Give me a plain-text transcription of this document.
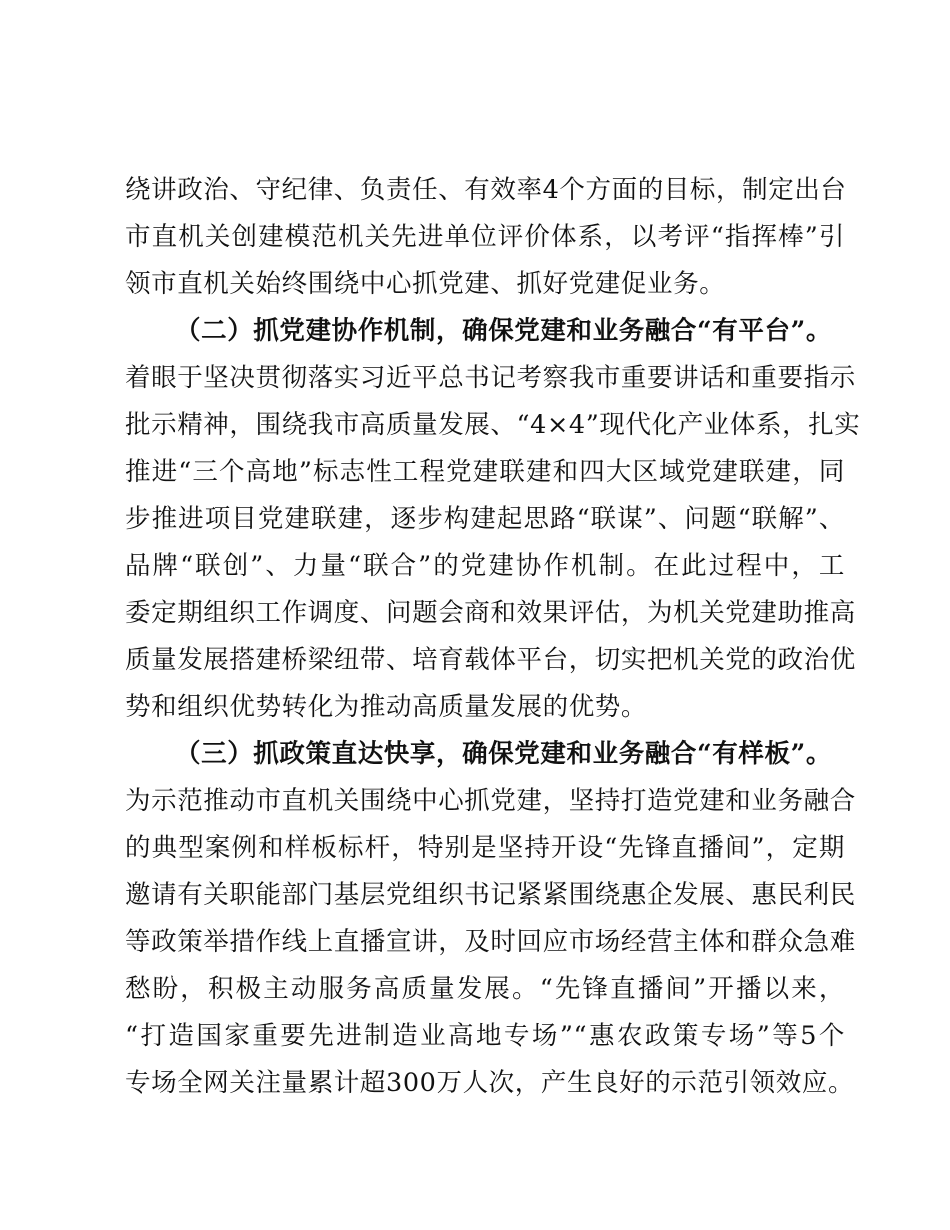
绕讲政治、守纪律、负责任、有效率4个方面的目标，制定出台
市直机关创建模范机关先进单位评价体系，以考评“指挥棒”引
领市直机关始终围绕中心抓党建、抓好党建促业务。
（二）抓党建协作机制，确保党建和业务融合“有平台”。
着眼于坚决贯彻落实习近平总书记考察我市重要讲话和重要指示
批示精神，围绕我市高质量发展、“4×4”现代化产业体系，扎实
推进“三个高地”标志性工程党建联建和四大区域党建联建，同
步推进项目党建联建，逐步构建起思路“联谋”、问题“联解”、
品牌“联创”、力量“联合”的党建协作机制。在此过程中，工
委定期组织工作调度、问题会商和效果评估，为机关党建助推高
质量发展搭建桥梁纽带、培育载体平台，切实把机关党的政治优
势和组织优势转化为推动高质量发展的优势。
（三）抓政策直达快享，确保党建和业务融合“有样板”。
为示范推动市直机关围绕中心抓党建，坚持打造党建和业务融合
的典型案例和样板标杆，特别是坚持开设“先锋直播间”，定期
邀请有关职能部门基层党组织书记紧紧围绕惠企发展、惠民利民
等政策举措作线上直播宣讲，及时回应市场经营主体和群众急难
愁盼，积极主动服务高质量发展。“先锋直播间”开播以来，
“打造国家重要先进制造业高地专场”“惠农政策专场”等5个
专场全网关注量累计超300万人次，产生良好的示范引领效应。
